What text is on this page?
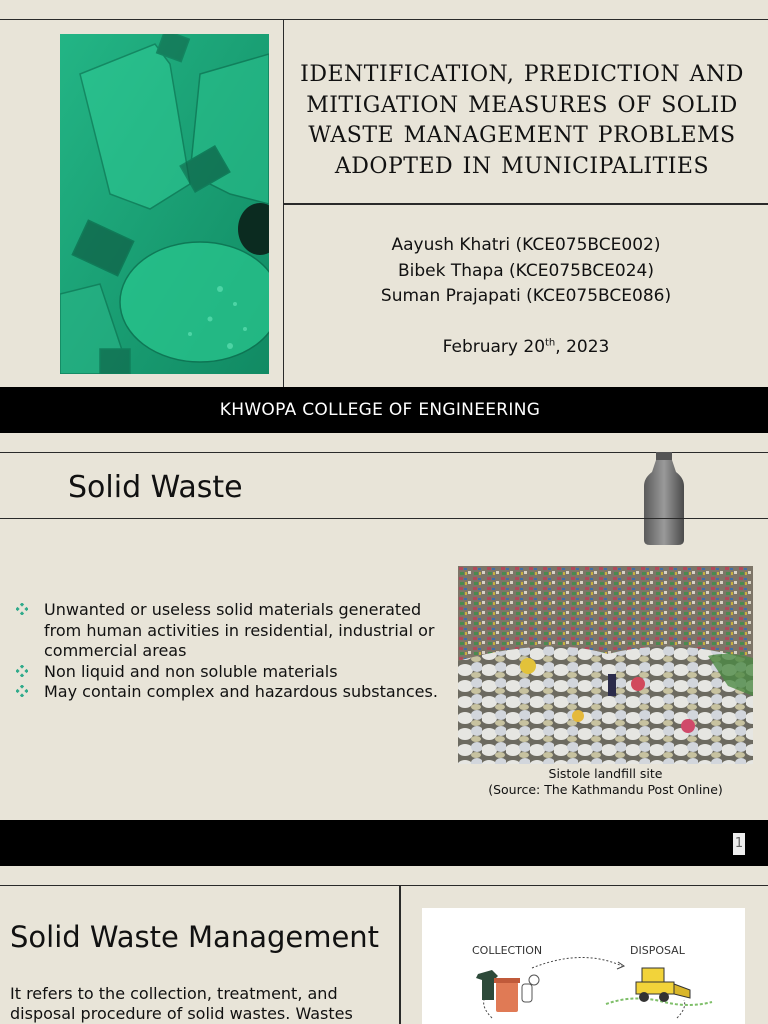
IDENTIFICATION, PREDICTION AND MITIGATION MEASURES OF SOLID WASTE MANAGEMENT PROBLEMS ADOPTED IN MUNICIPALITIES
Aayush Khatri (KCE075BCE002)
Bibek Thapa (KCE075BCE024)
Suman Prajapati (KCE075BCE086)
February 20th, 2023
KHWOPA COLLEGE OF ENGINEERING
Solid Waste
Unwanted or useless solid materials generated from human activities in residential, industrial or commercial areas
Non liquid and non soluble materials
May contain complex and hazardous substances.
Sistole landfill site
(Source: The Kathmandu Post Online)
1
Solid Waste Management
It refers to the collection, treatment, and disposal procedure of solid wastes. Wastes
COLLECTION	DISPOSAL
